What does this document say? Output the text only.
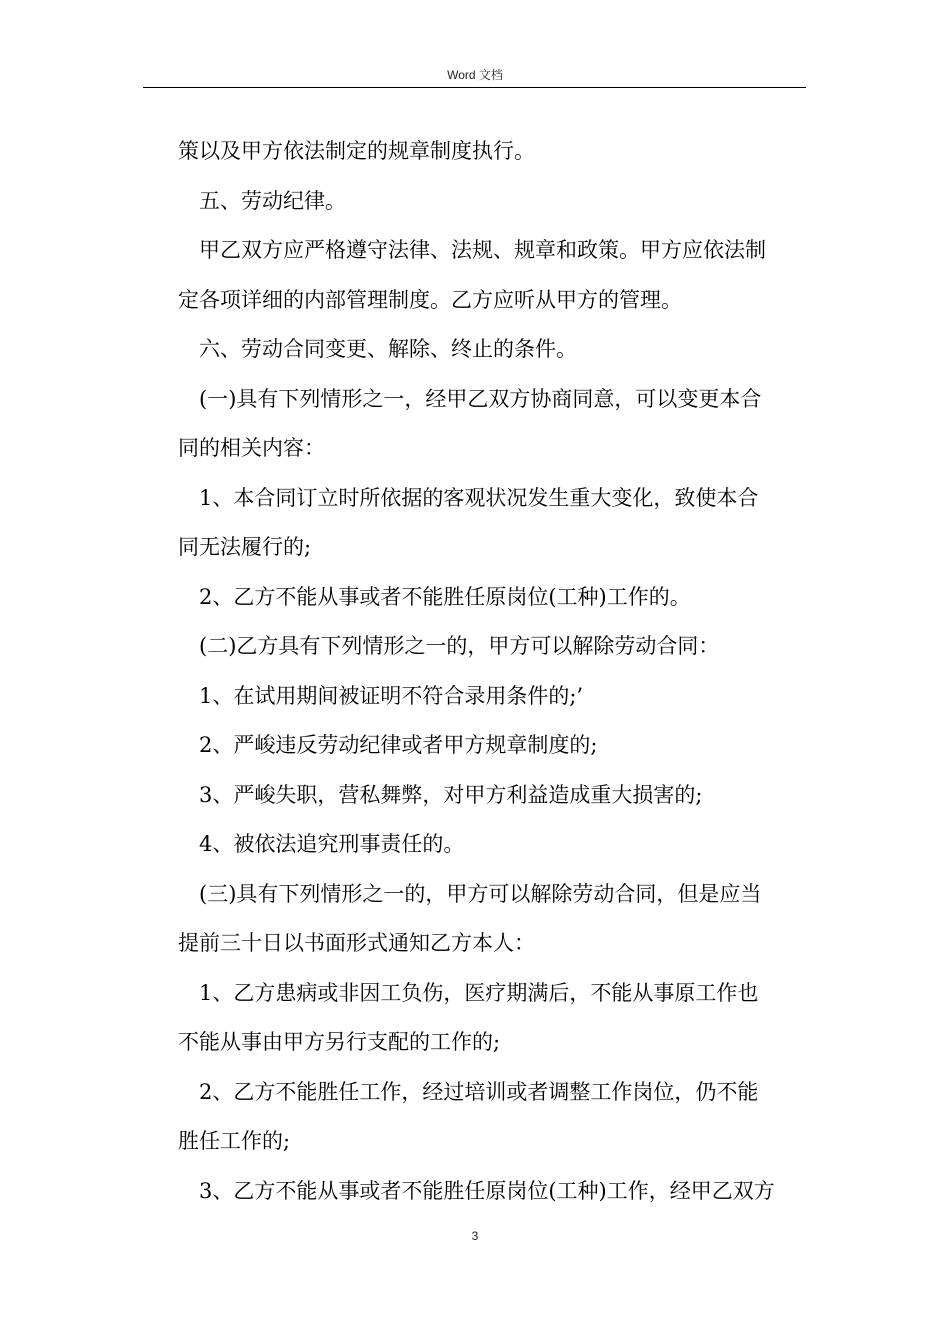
Word 文档
策以及甲方依法制定的规章制度执行。
五、劳动纪律。
甲乙双方应严格遵守法律、法规、规章和政策。甲方应依法制
定各项详细的内部管理制度。乙方应听从甲方的管理。
六、劳动合同变更、解除、终止的条件。
(一)具有下列情形之一，经甲乙双方协商同意，可以变更本合
同的相关内容：
1、本合同订立时所依据的客观状况发生重大变化，致使本合
同无法履行的;
2、乙方不能从事或者不能胜任原岗位(工种)工作的。
(二)乙方具有下列情形之一的，甲方可以解除劳动合同：
1、在试用期间被证明不符合录用条件的;’
2、严峻违反劳动纪律或者甲方规章制度的;
3、严峻失职，营私舞弊，对甲方利益造成重大损害的;
4、被依法追究刑事责任的。
(三)具有下列情形之一的，甲方可以解除劳动合同，但是应当
提前三十日以书面形式通知乙方本人：
1、乙方患病或非因工负伤，医疗期满后，不能从事原工作也
不能从事由甲方另行支配的工作的;
2、乙方不能胜任工作，经过培训或者调整工作岗位，仍不能
胜任工作的;
3、乙方不能从事或者不能胜任原岗位(工种)工作，经甲乙双方
3
